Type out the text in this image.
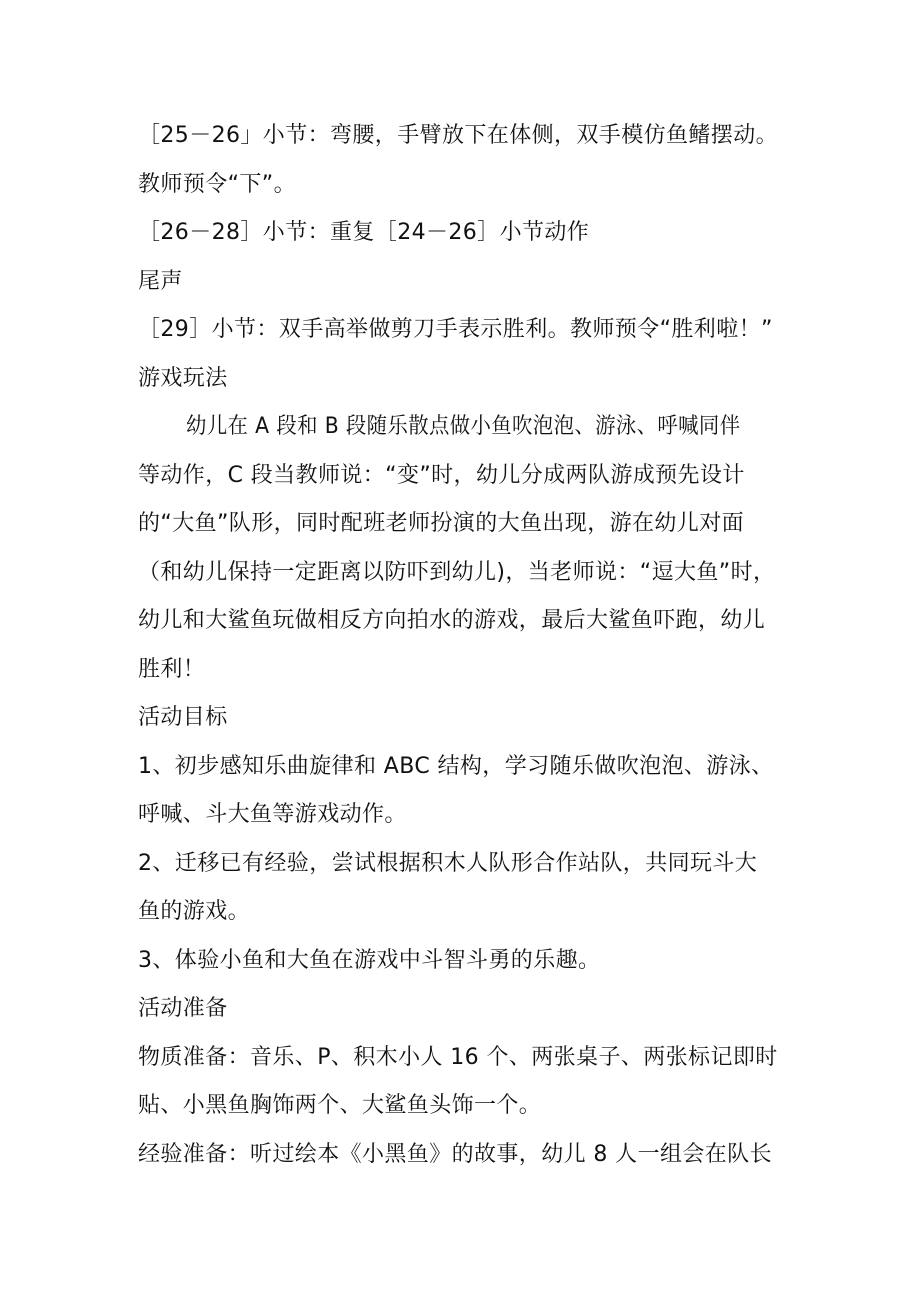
［25－26」小节：弯腰，手臂放下在体侧，双手模仿鱼鳍摆动。
教师预令“下”。
［26－28］小节：重复［24－26］小节动作
尾声
［29］小节：双手高举做剪刀手表示胜利。教师预令“胜利啦！”
游戏玩法
幼儿在 A 段和 B 段随乐散点做小鱼吹泡泡、游泳、呼喊同伴
等动作，C 段当教师说：“变”时，幼儿分成两队游成预先设计
的“大鱼”队形，同时配班老师扮演的大鱼出现，游在幼儿对面
（和幼儿保持一定距离以防吓到幼儿)，当老师说：“逗大鱼”时，
幼儿和大鲨鱼玩做相反方向拍水的游戏，最后大鲨鱼吓跑，幼儿
胜利！
活动目标
1、初步感知乐曲旋律和 ABC 结构，学习随乐做吹泡泡、游泳、
呼喊、斗大鱼等游戏动作。
2、迁移已有经验，尝试根据积木人队形合作站队，共同玩斗大
鱼的游戏。
3、体验小鱼和大鱼在游戏中斗智斗勇的乐趣。
活动准备
物质准备：音乐、P、积木小人 16 个、两张桌子、两张标记即时
贴、小黑鱼胸饰两个、大鲨鱼头饰一个。
经验准备：听过绘本《小黑鱼》的故事，幼儿 8 人一组会在队长
